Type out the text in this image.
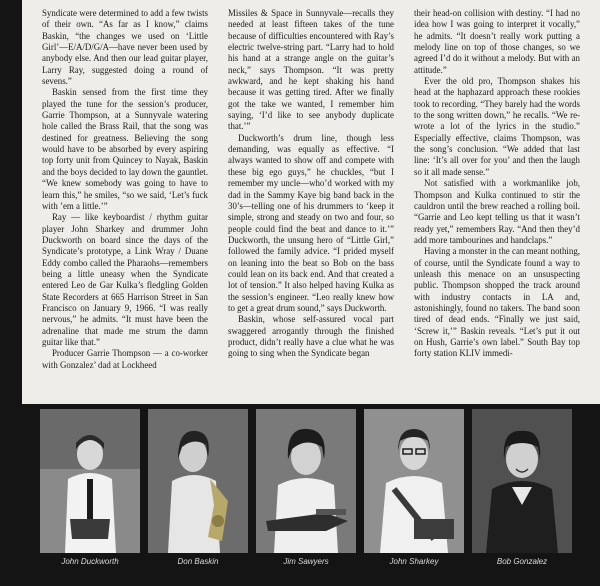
Syndicate were determined to add a few twists of their own. “As far as I know,” claims Baskin, “the changes we used on ‘Little Girl’—E/A/D/G/A—have never been used by anybody else. And then our lead guitar player, Larry Ray, suggested doing a round of sevens.”

Baskin sensed from the first time they played the tune for the session’s producer, Garrie Thompson, at a Sunnyvale watering hole called the Brass Rail, that the song was destined for greatness. Believing the song would have to be absorbed by every aspiring top forty unit from Quincey to Nayak, Baskin and the boys decided to lay down the gauntlet. “We knew somebody was going to have to learn this,” he smiles, “so we said, ‘Let’s fuck with ’em a little.’”

Ray — like keyboardist / rhythm guitar player John Sharkey and drummer John Duckworth on board since the days of the Syndicate’s prototype, a Link Wray / Duane Eddy combo called the Pharaohs—remembers being a little uneasy when the Syndicate entered Leo de Gar Kulka’s fledgling Golden State Recorders at 665 Harrison Street in San Francisco on January 9, 1966. “I was really nervous,” he admits. “It must have been the adrenaline that made me strum the damn guitar like that.”

Producer Garrie Thompson — a co-worker with Gonzalez’ dad at Lockheed

Missiles & Space in Sunnyvale—recalls they needed at least fifteen takes of the tune because of difficulties encountered with Ray’s electric twelve-string part. “Larry had to hold his hand at a strange angle on the guitar’s neck,” says Thompson. “It was pretty awkward, and he kept shaking his hand because it was getting tired. After we finally got the take we wanted, I remember him saying, ‘I’d like to see anybody duplicate that.’”

Duckworth’s drum line, though less demanding, was equally as effective. “I always wanted to show off and compete with these big ego guys,” he chuckles, “but I remember my uncle—who’d worked with my dad in the Sammy Kaye big band back in the 30’s—telling one of his drummers to ‘keep it simple, strong and steady on two and four, so people could find the beat and dance to it.’” Duckworth, the unsung hero of “Little Girl,” followed the family advice. “I prided myself on leaning into the beat so Bob on the bass could lean on its back end. And that created a lot of tension.” It also helped having Kulka as the session’s engineer. “Leo really knew how to get a great drum sound,” says Duckworth.

Baskin, whose self-assured vocal part swaggered arrogantly through the finished product, didn’t really have a clue what he was going to sing when the Syndicate began

their head-on collision with destiny. “I had no idea how I was going to interpret it vocally,” he admits. “It doesn’t really work putting a melody line on top of those changes, so we agreed I’d do it without a melody. But with an attitude.”

Ever the old pro, Thompson shakes his head at the haphazard approach these rookies took to recording. “They barely had the words to the song written down,” he recalls. “We re-wrote a lot of the lyrics in the studio.” Especially effective, claims Thompson, was the song’s conclusion. “We added that last line: ‘It’s all over for you’ and then the laugh so it all made sense.”

Not satisfied with a workmanlike job, Thompson and Kulka continued to stir the cauldron until the brew reached a rolling boil. “Garrie and Leo kept telling us that it wasn’t ready yet,” remembers Ray. “And then they’d add more tambourines and handclaps.”

Having a monster in the can meant nothing, of course, until the Syndicate found a way to unleash this menace on an unsuspecting public. Thompson shopped the track around with industry contacts in LA and, astonishingly, found no takers. The band soon tired of dead ends. “Finally we just said, ‘Screw it,’” Baskin reveals. “Let’s put it out on Hush, Garrie’s own label.” South Bay top forty station KLIV immedi-

John Duckworth	Don Baskin	Jim Sawyers	John Sharkey	Bob Gonzalez
